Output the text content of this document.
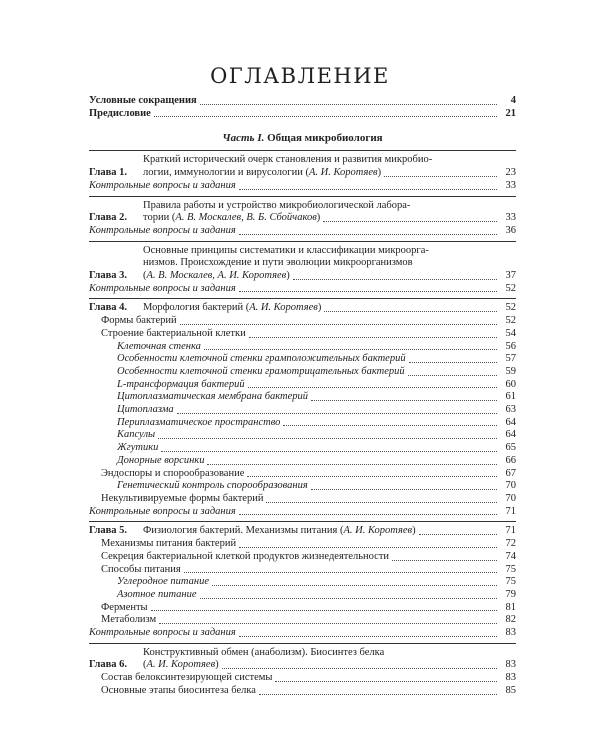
ОГЛАВЛЕНИЕ
Условные сокращения	4
Предисловие	21
Часть I. Общая микробиология
Глава 1.
Краткий исторический очерк становления и развития микробио-
логии, иммунологии и вирусологии (А. И. Коротяев)	23
Контрольные вопросы и задания	33
Глава 2.
Правила работы и устройство микробиологической лабора-
тории (А. В. Москалев, В. Б. Сбойчаков)	33
Контрольные вопросы и задания	36
Глава 3.
Основные принципы систематики и классификации микроорга-
низмов. Происхождение и пути эволюции микроорганизмов
(А. В. Москалев, А. И. Коротяев)	37
Контрольные вопросы и задания	52
Глава 4.	Морфология бактерий (А. И. Коротяев)	52
Формы бактерий	52
Строение бактериальной клетки	54
Клеточная стенка	56
Особенности клеточной стенки грамположительных бактерий	57
Особенности клеточной стенки грамотрицательных бактерий	59
L-трансформация бактерий	60
Цитоплазматическая мембрана бактерий	61
Цитоплазма	63
Периплазматическое пространство	64
Капсулы	64
Жгутики	65
Донорные ворсинки	66
Эндоспоры и спорообразование	67
Генетический контроль спорообразования	70
Некультивируемые формы бактерий	70
Контрольные вопросы и задания	71
Глава 5.	Физиология бактерий. Механизмы питания (А. И. Коротяев)	71
Механизмы питания бактерий	72
Секреция бактериальной клеткой продуктов жизнедеятельности	74
Способы питания	75
Углеродное питание	75
Азотное питание	79
Ферменты	81
Метаболизм	82
Контрольные вопросы и задания	83
Глава 6.
Конструктивный обмен (анаболизм). Биосинтез белка
(А. И. Коротяев)	83
Состав белоксинтезирующей системы	83
Основные этапы биосинтеза белка	85
